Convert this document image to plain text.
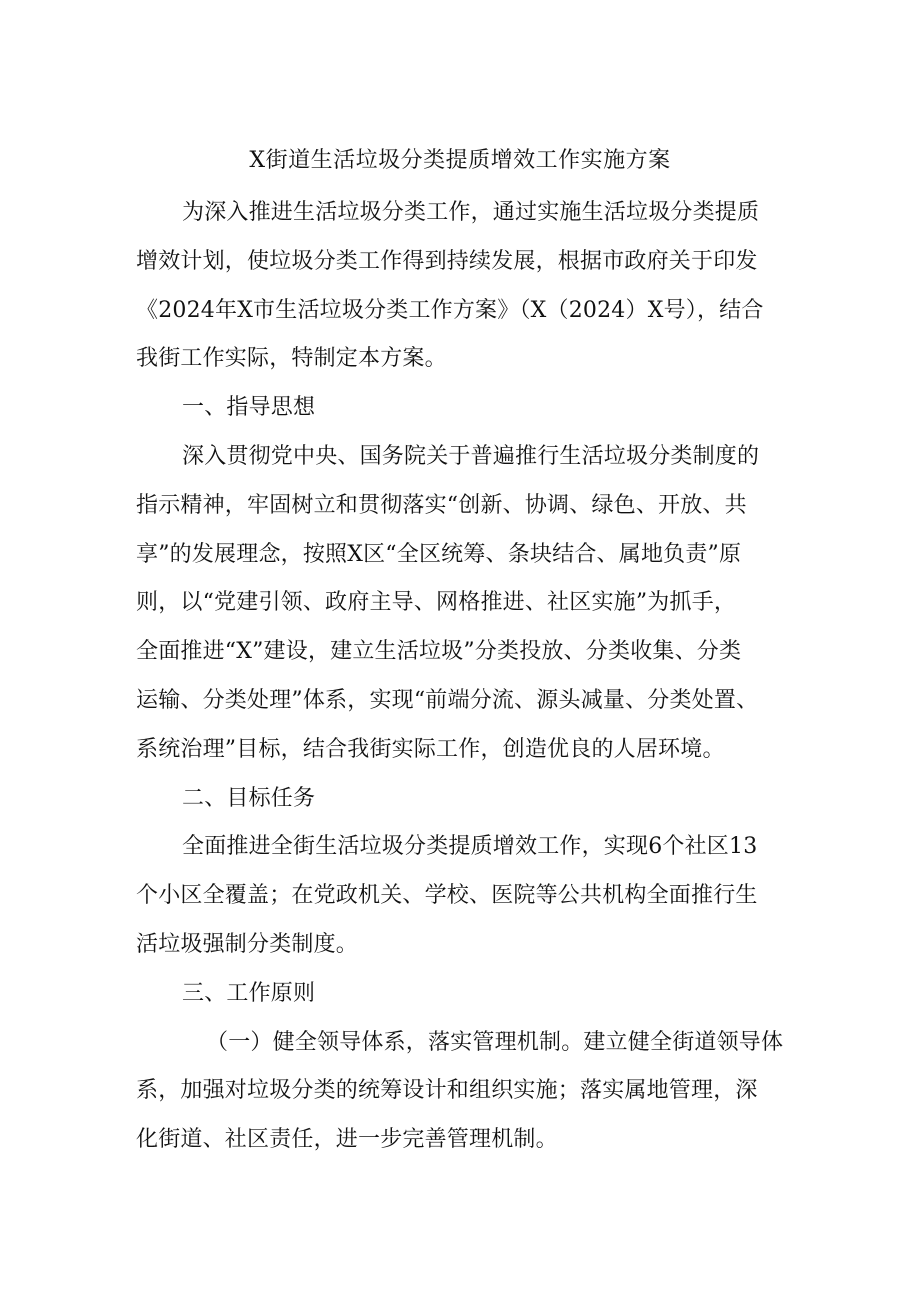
X街道生活垃圾分类提质增效工作实施方案
为深入推进生活垃圾分类工作，通过实施生活垃圾分类提质
增效计划，使垃圾分类工作得到持续发展，根据市政府关于印发
《2024年X市生活垃圾分类工作方案》（X（2024）X号），结合
我街工作实际，特制定本方案。
一、指导思想
深入贯彻党中央、国务院关于普遍推行生活垃圾分类制度的
指示精神，牢固树立和贯彻落实“创新、协调、绿色、开放、共
享”的发展理念，按照X区“全区统筹、条块结合、属地负责”原
则，以“党建引领、政府主导、网格推进、社区实施”为抓手，
全面推进“X”建设，建立生活垃圾”分类投放、分类收集、分类
运输、分类处理”体系，实现“前端分流、源头减量、分类处置、
系统治理”目标，结合我街实际工作，创造优良的人居环境。
二、目标任务
全面推进全街生活垃圾分类提质增效工作，实现6个社区13
个小区全覆盖；在党政机关、学校、医院等公共机构全面推行生
活垃圾强制分类制度。
三、工作原则
（一）健全领导体系，落实管理机制。建立健全街道领导体
系，加强对垃圾分类的统筹设计和组织实施；落实属地管理，深
化街道、社区责任，进一步完善管理机制。
